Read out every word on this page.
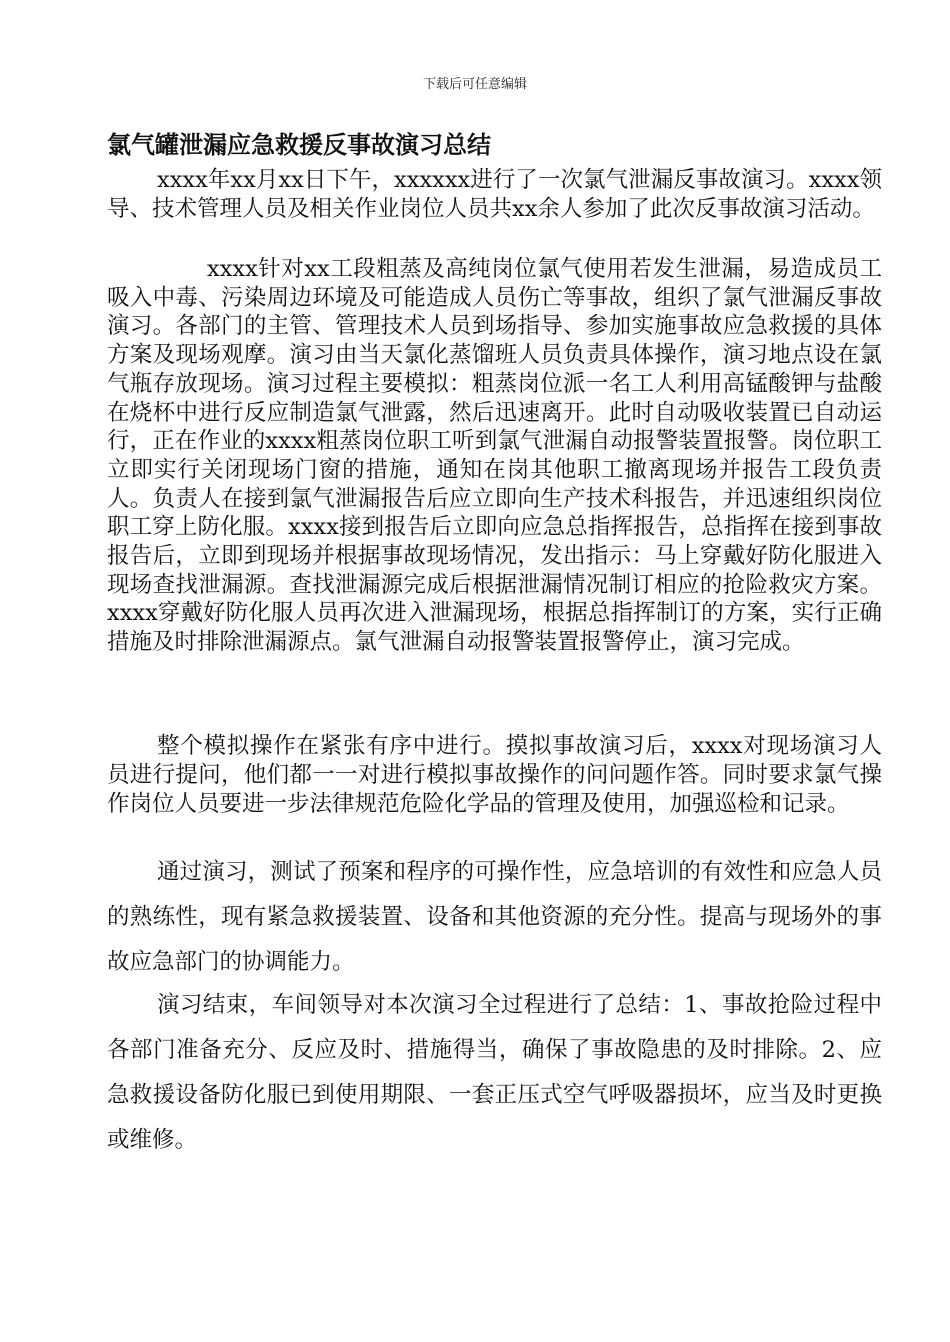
下载后可任意编辑
氯气罐泄漏应急救援反事故演习总结

xxxx年xx月xx日下午，xxxxxx进行了一次氯气泄漏反事故演习。xxxx领导、技术管理人员及相关作业岗位人员共xx余人参加了此次反事故演习活动。

xxxx针对xx工段粗蒸及高纯岗位氯气使用若发生泄漏，易造成员工吸入中毒、污染周边环境及可能造成人员伤亡等事故，组织了氯气泄漏反事故演习。各部门的主管、管理技术人员到场指导、参加实施事故应急救援的具体方案及现场观摩。演习由当天氯化蒸馏班人员负责具体操作，演习地点设在氯气瓶存放现场。演习过程主要模拟：粗蒸岗位派一名工人利用高锰酸钾与盐酸在烧杯中进行反应制造氯气泄露，然后迅速离开。此时自动吸收装置已自动运行，正在作业的xxxx粗蒸岗位职工听到氯气泄漏自动报警装置报警。岗位职工立即实行关闭现场门窗的措施，通知在岗其他职工撤离现场并报告工段负责人。负责人在接到氯气泄漏报告后应立即向生产技术科报告，并迅速组织岗位职工穿上防化服。xxxx接到报告后立即向应急总指挥报告，总指挥在接到事故报告后，立即到现场并根据事故现场情况，发出指示：马上穿戴好防化服进入现场查找泄漏源。查找泄漏源完成后根据泄漏情况制订相应的抢险救灾方案。xxxx穿戴好防化服人员再次进入泄漏现场，根据总指挥制订的方案，实行正确措施及时排除泄漏源点。氯气泄漏自动报警装置报警停止，演习完成。

整个模拟操作在紧张有序中进行。摸拟事故演习后，xxxx对现场演习人员进行提问，他们都一一对进行模拟事故操作的问问题作答。同时要求氯气操作岗位人员要进一步法律规范危险化学品的管理及使用，加强巡检和记录。

通过演习，测试了预案和程序的可操作性，应急培训的有效性和应急人员的熟练性，现有紧急救援装置、设备和其他资源的充分性。提高与现场外的事故应急部门的协调能力。

演习结束，车间领导对本次演习全过程进行了总结：1、事故抢险过程中各部门准备充分、反应及时、措施得当，确保了事故隐患的及时排除。2、应急救援设备防化服已到使用期限、一套正压式空气呼吸器损坏，应当及时更换或维修。
